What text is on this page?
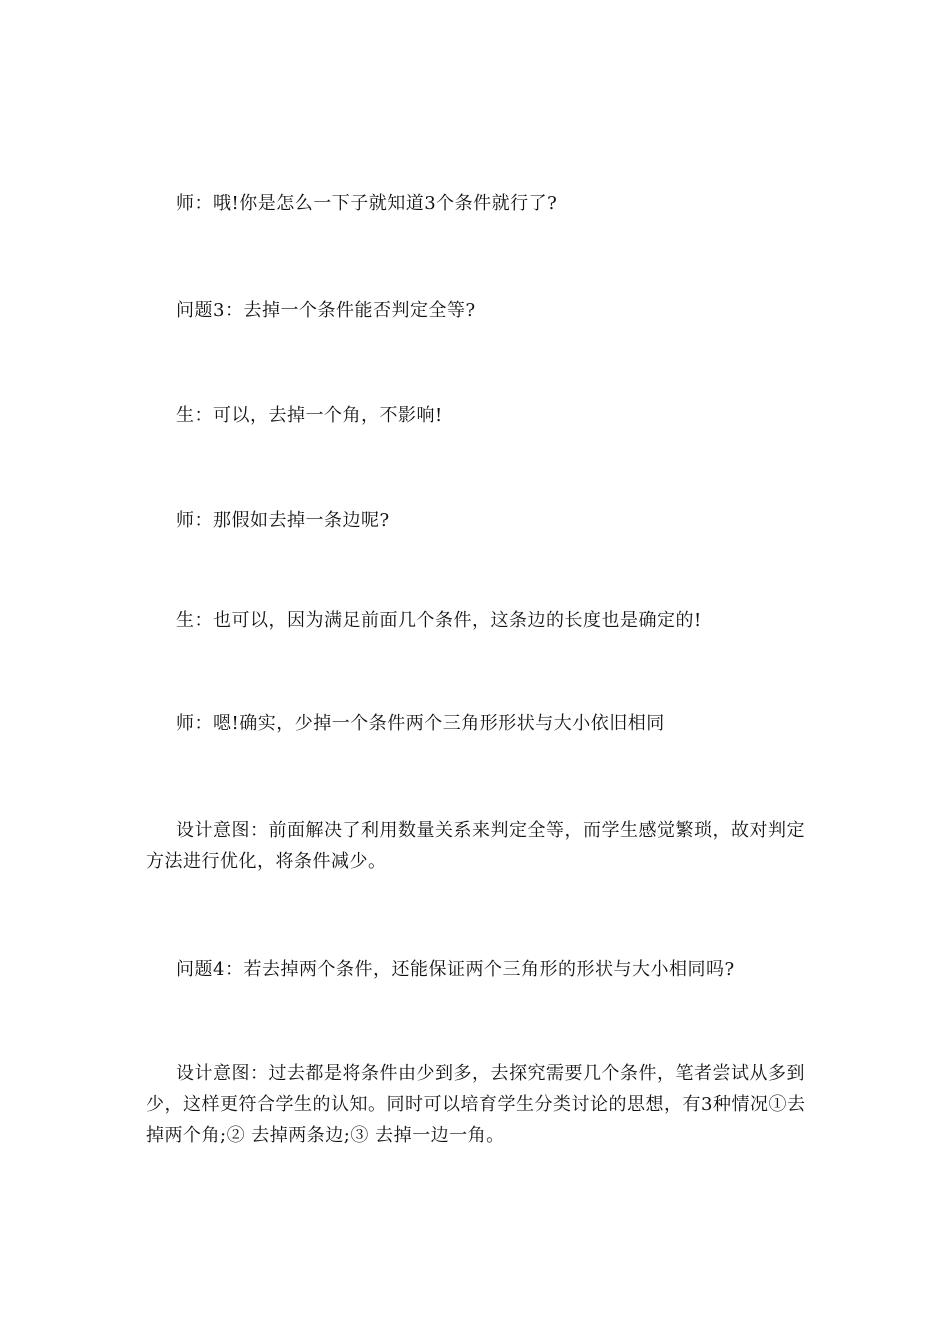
师：哦!你是怎么一下子就知道3个条件就行了?

问题3：去掉一个条件能否判定全等?

生：可以，去掉一个角，不影响!

师：那假如去掉一条边呢?

生：也可以，因为满足前面几个条件，这条边的长度也是确定的!

师：嗯!确实，少掉一个条件两个三角形形状与大小依旧相同

设计意图：前面解决了利用数量关系来判定全等，而学生感觉繁琐，故对判定方法进行优化，将条件减少。

问题4：若去掉两个条件，还能保证两个三角形的形状与大小相同吗?

设计意图：过去都是将条件由少到多，去探究需要几个条件，笔者尝试从多到少，这样更符合学生的认知。同时可以培育学生分类讨论的思想，有3种情况①去掉两个角;② 去掉两条边;③ 去掉一边一角。
